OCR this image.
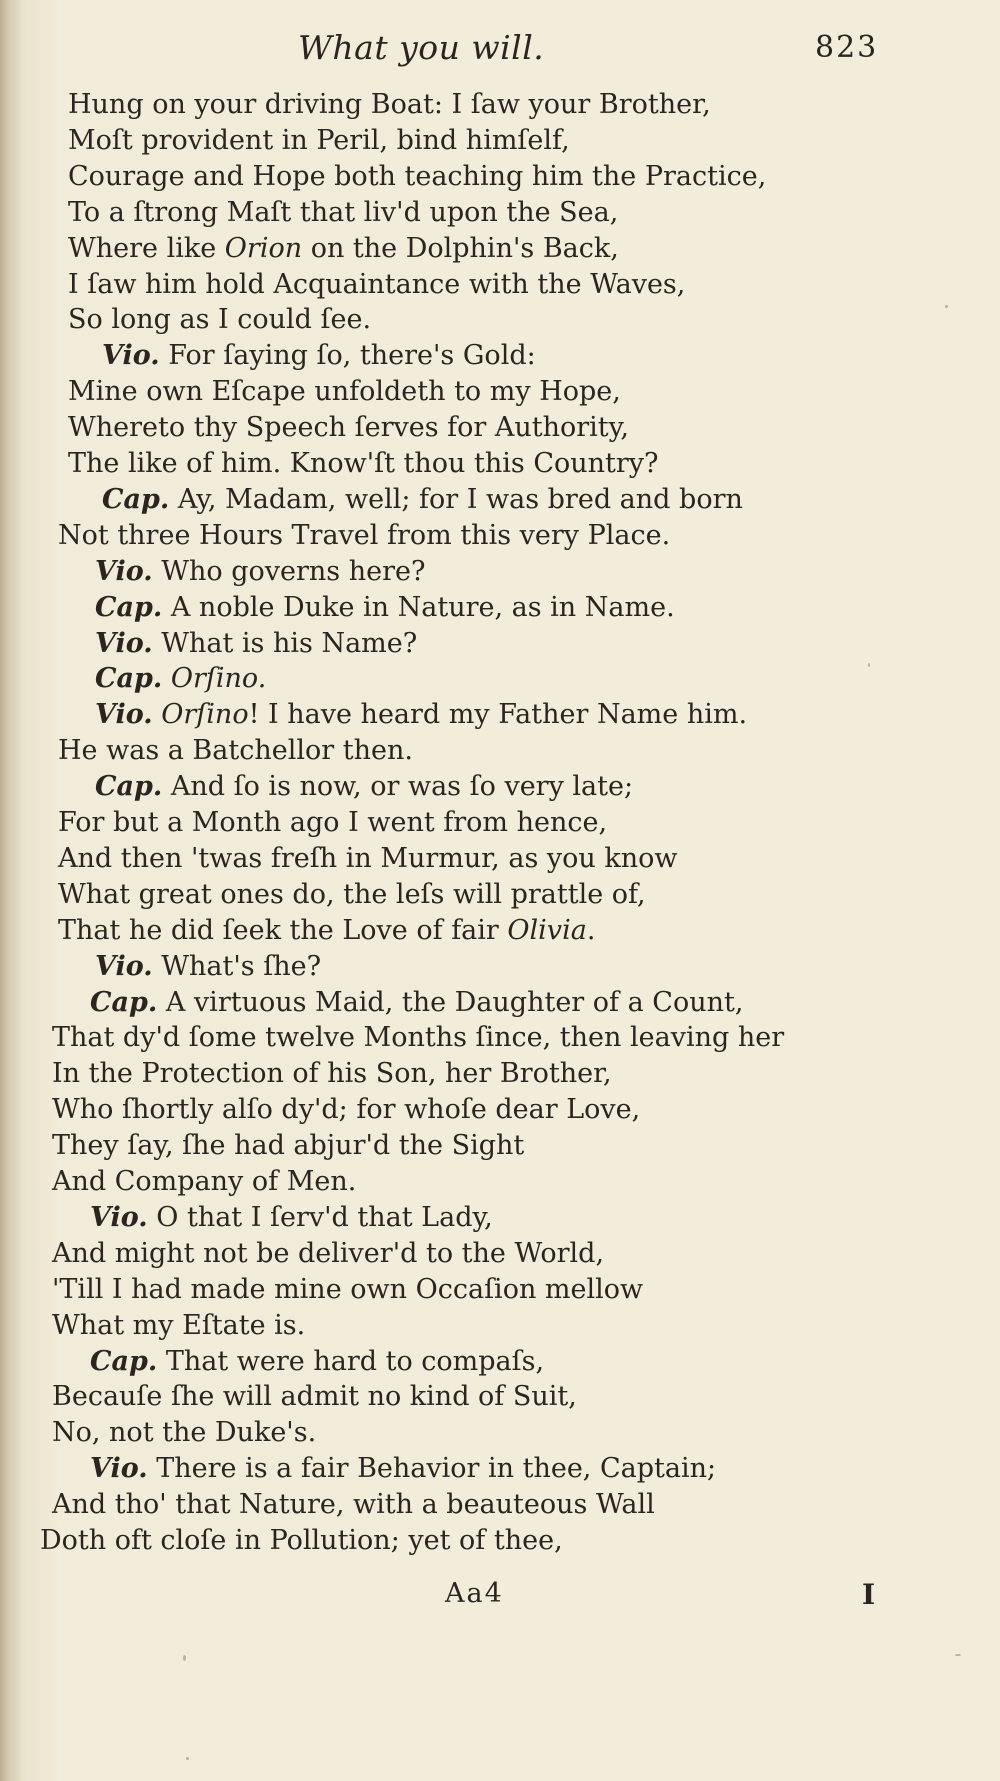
What you will.	823
Hung on your driving Boat: I ſaw your Brother,
Moſt provident in Peril, bind himſelf,
Courage and Hope both teaching him the Practice,
To a ſtrong Maſt that liv'd upon the Sea,
Where like Orion on the Dolphin's Back,
I ſaw him hold Acquaintance with the Waves,
So long as I could ſee.
Vio. For ſaying ſo, there's Gold:
Mine own Eſcape unfoldeth to my Hope,
Whereto thy Speech ſerves for Authority,
The like of him. Know'ſt thou this Country?
Cap. Ay, Madam, well; for I was bred and born
Not three Hours Travel from this very Place.
Vio. Who governs here?
Cap. A noble Duke in Nature, as in Name.
Vio. What is his Name?
Cap. Orſino.
Vio. Orſino! I have heard my Father Name him.
He was a Batchellor then.
Cap. And ſo is now, or was ſo very late;
For but a Month ago I went from hence,
And then 'twas freſh in Murmur, as you know
What great ones do, the leſs will prattle of,
That he did ſeek the Love of fair Olivia.
Vio. What's ſhe?
Cap. A virtuous Maid, the Daughter of a Count,
That dy'd ſome twelve Months ſince, then leaving her
In the Protection of his Son, her Brother,
Who ſhortly alſo dy'd; for whoſe dear Love,
They ſay, ſhe had abjur'd the Sight
And Company of Men.
Vio. O that I ſerv'd that Lady,
And might not be deliver'd to the World,
'Till I had made mine own Occaſion mellow
What my Eſtate is.
Cap. That were hard to compaſs,
Becauſe ſhe will admit no kind of Suit,
No, not the Duke's.
Vio. There is a fair Behavior in thee, Captain;
And tho' that Nature, with a beauteous Wall
Doth oft cloſe in Pollution; yet of thee,
Aa4	I
